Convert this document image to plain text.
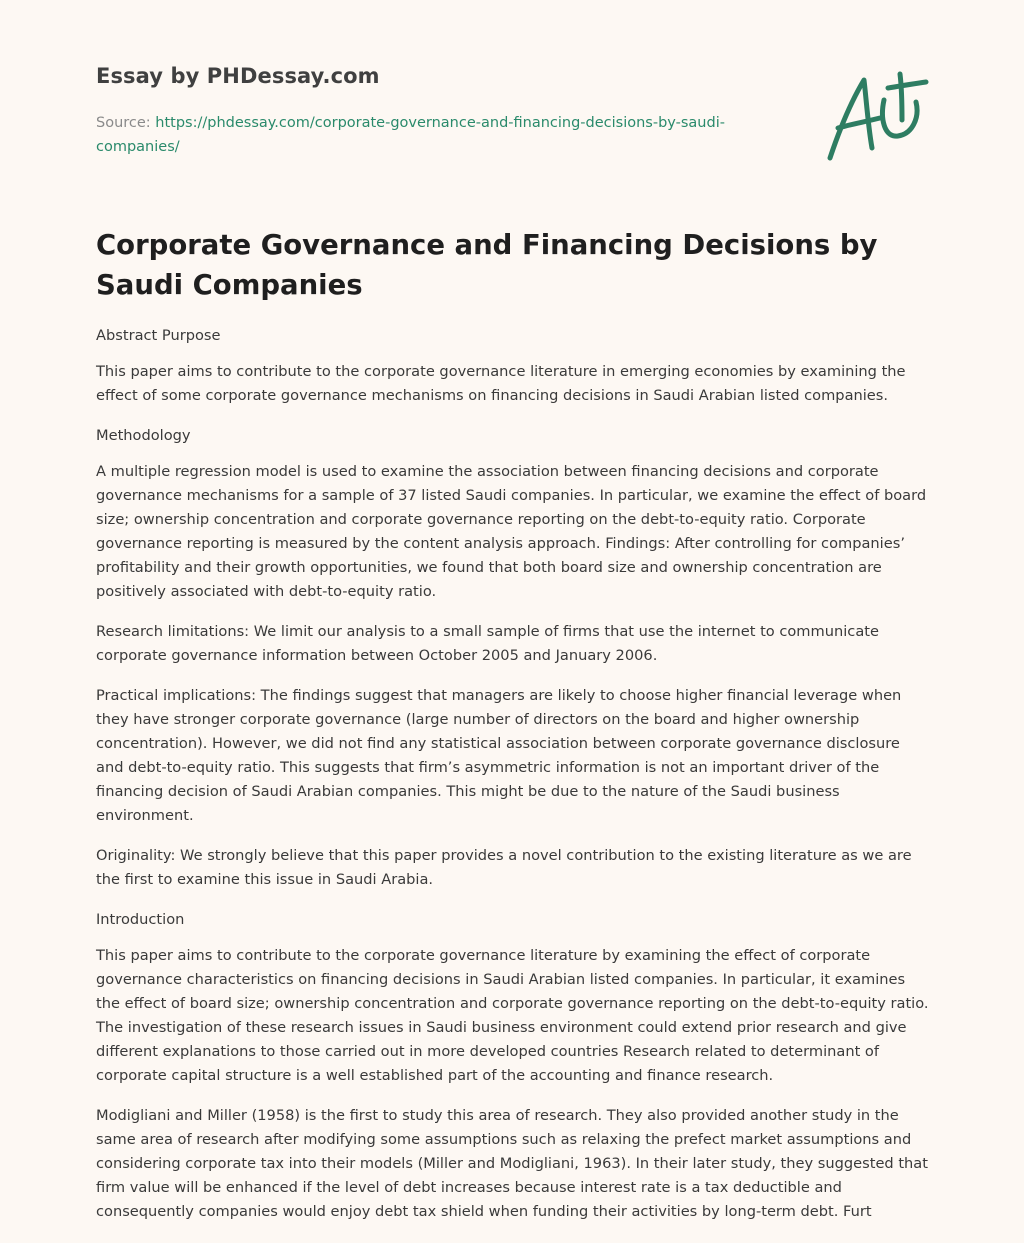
Essay by PHDessay.com
Source: https://phdessay.com/corporate-governance-and-financing-decisions-by-saudi-companies/
Corporate Governance and Financing Decisions by Saudi Companies

Abstract Purpose

This paper aims to contribute to the corporate governance literature in emerging economies by examining the effect of some corporate governance mechanisms on financing decisions in Saudi Arabian listed companies.

Methodology

A multiple regression model is used to examine the association between financing decisions and corporate governance mechanisms for a sample of 37 listed Saudi companies. In particular, we examine the effect of board size; ownership concentration and corporate governance reporting on the debt-to-equity ratio. Corporate governance reporting is measured by the content analysis approach. Findings: After controlling for companies’ profitability and their growth opportunities, we found that both board size and ownership concentration are positively associated with debt-to-equity ratio.

Research limitations: We limit our analysis to a small sample of firms that use the internet to communicate corporate governance information between October 2005 and January 2006.

Practical implications: The findings suggest that managers are likely to choose higher financial leverage when they have stronger corporate governance (large number of directors on the board and higher ownership concentration). However, we did not find any statistical association between corporate governance disclosure and debt-to-equity ratio. This suggests that firm’s asymmetric information is not an important driver of the financing decision of Saudi Arabian companies. This might be due to the nature of the Saudi business environment.

Originality: We strongly believe that this paper provides a novel contribution to the existing literature as we are the first to examine this issue in Saudi Arabia.

Introduction

This paper aims to contribute to the corporate governance literature by examining the effect of corporate governance characteristics on financing decisions in Saudi Arabian listed companies. In particular, it examines the effect of board size; ownership concentration and corporate governance reporting on the debt-to-equity ratio. The investigation of these research issues in Saudi business environment could extend prior research and give different explanations to those carried out in more developed countries Research related to determinant of corporate capital structure is a well established part of the accounting and finance research.

Modigliani and Miller (1958) is the first to study this area of research. They also provided another study in the same area of research after modifying some assumptions such as relaxing the prefect market assumptions and considering corporate tax into their models (Miller and Modigliani, 1963). In their later study, they suggested that firm value will be enhanced if the level of debt increases because interest rate is a tax deductible and consequently companies would enjoy debt tax shield when funding their activities by long-term debt. Furt
